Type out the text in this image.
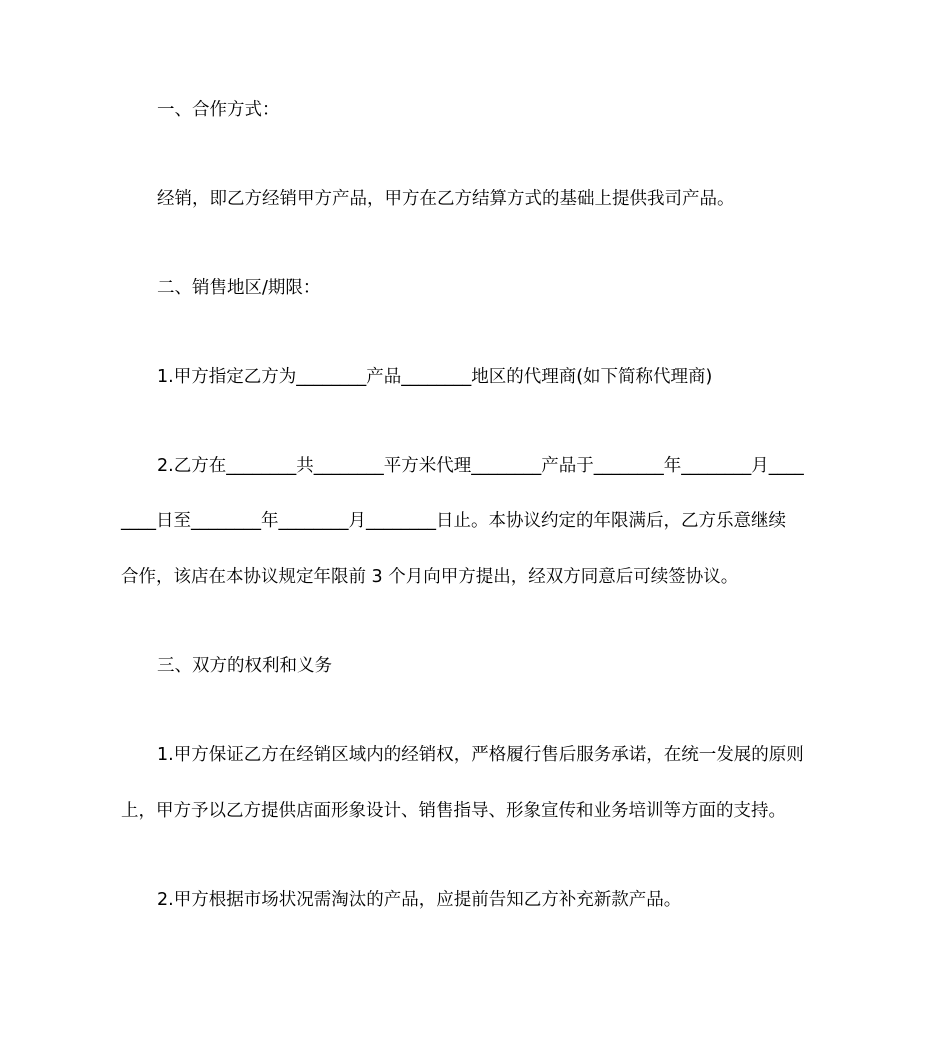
一、合作方式：
经销，即乙方经销甲方产品，甲方在乙方结算方式的基础上提供我司产品。
二、销售地区/期限：
1.甲方指定乙方为________产品________地区的代理商(如下简称代理商)
2.乙方在________共________平方米代理________产品于________年________月____
____日至________年________月________日止。本协议约定的年限满后，乙方乐意继续
合作，该店在本协议规定年限前 3 个月向甲方提出，经双方同意后可续签协议。
三、双方的权利和义务
1.甲方保证乙方在经销区域内的经销权，严格履行售后服务承诺，在统一发展的原则
上，甲方予以乙方提供店面形象设计、销售指导、形象宣传和业务培训等方面的支持。
2.甲方根据市场状况需淘汰的产品，应提前告知乙方补充新款产品。
